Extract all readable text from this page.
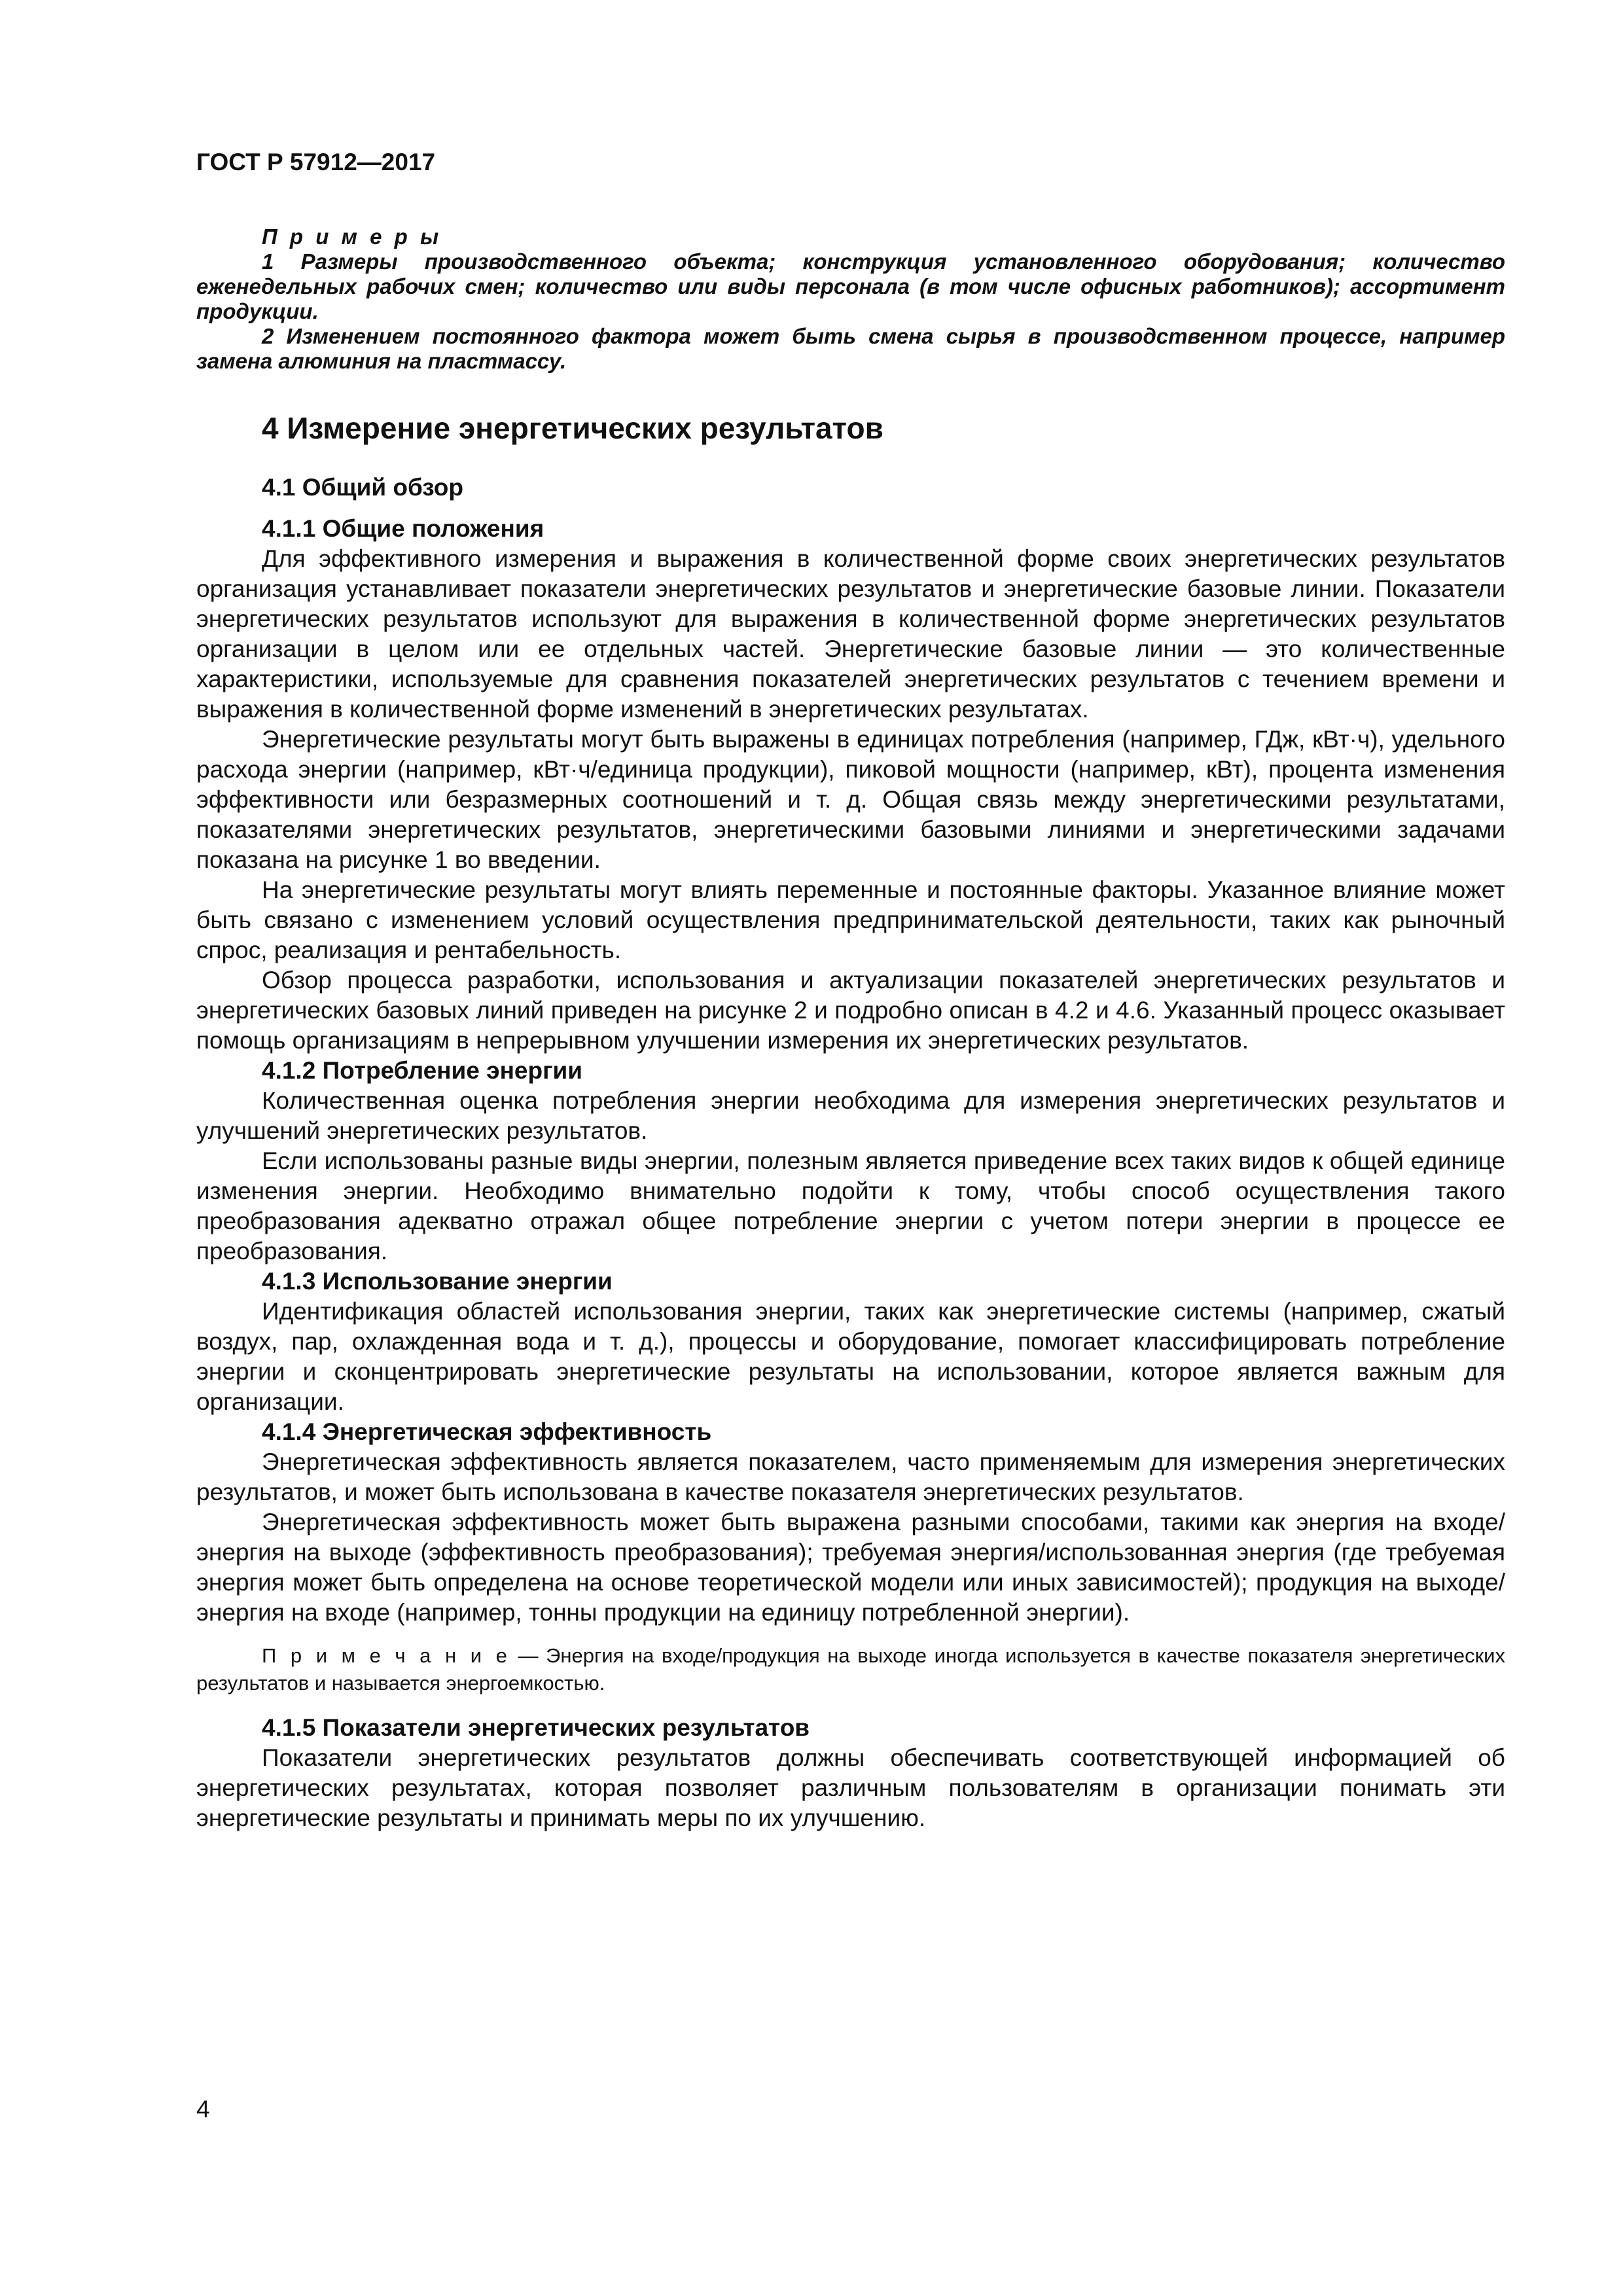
ГОСТ Р 57912—2017

П р и м е р ы

1 Размеры производственного объекта; конструкция установленного оборудования; количество еженедельных рабочих смен; количество или виды персонала (в том числе офисных работников); ассортимент продукции.

2 Изменением постоянного фактора может быть смена сырья в производственном процессе, например замена алюминия на пластмассу.

4 Измерение энергетических результатов
4.1 Общий обзор
4.1.1 Общие положения

Для эффективного измерения и выражения в количественной форме своих энергетических результатов организация устанавливает показатели энергетических результатов и энергетические базовые линии. Показатели энергетических результатов используют для выражения в количественной форме энергетических результатов организации в целом или ее отдельных частей. Энергетические базовые линии — это количественные характеристики, используемые для сравнения показателей энергетических результатов с течением времени и выражения в количественной форме изменений в энергетических результатах.

Энергетические результаты могут быть выражены в единицах потребления (например, ГДж, кВт·ч), удельного расхода энергии (например, кВт·ч/единица продукции), пиковой мощности (например, кВт), процента изменения эффективности или безразмерных соотношений и т. д. Общая связь между энергетическими результатами, показателями энергетических результатов, энергетическими базовыми линиями и энергетическими задачами показана на рисунке 1 во введении.

На энергетические результаты могут влиять переменные и постоянные факторы. Указанное влияние может быть связано с изменением условий осуществления предпринимательской деятельности, таких как рыночный спрос, реализация и рентабельность.

Обзор процесса разработки, использования и актуализации показателей энергетических результатов и энергетических базовых линий приведен на рисунке 2 и подробно описан в 4.2 и 4.6. Указанный процесс оказывает помощь организациям в непрерывном улучшении измерения их энергетических результатов.

4.1.2 Потребление энергии

Количественная оценка потребления энергии необходима для измерения энергетических результатов и улучшений энергетических результатов.

Если использованы разные виды энергии, полезным является приведение всех таких видов к общей единице изменения энергии. Необходимо внимательно подойти к тому, чтобы способ осуществления такого преобразования адекватно отражал общее потребление энергии с учетом потери энергии в процессе ее преобразования.

4.1.3 Использование энергии

Идентификация областей использования энергии, таких как энергетические системы (например, сжатый воздух, пар, охлажденная вода и т. д.), процессы и оборудование, помогает классифицировать потребление энергии и сконцентрировать энергетические результаты на использовании, которое является важным для организации.

4.1.4 Энергетическая эффективность

Энергетическая эффективность является показателем, часто применяемым для измерения энергетических результатов, и может быть использована в качестве показателя энергетических результатов.

Энергетическая эффективность может быть выражена разными способами, такими как энергия на входе/энергия на выходе (эффективность преобразования); требуемая энергия/использованная энергия (где требуемая энергия может быть определена на основе теоретической модели или иных зависимостей); продукция на выходе/энергия на входе (например, тонны продукции на единицу потребленной энергии).

П р и м е ч а н и е — Энергия на входе/продукция на выходе иногда используется в качестве показателя энергетических результатов и называется энергоемкостью.

4.1.5 Показатели энергетических результатов

Показатели энергетических результатов должны обеспечивать соответствующей информацией об энергетических результатах, которая позволяет различным пользователям в организации понимать эти энергетические результаты и принимать меры по их улучшению.

4
